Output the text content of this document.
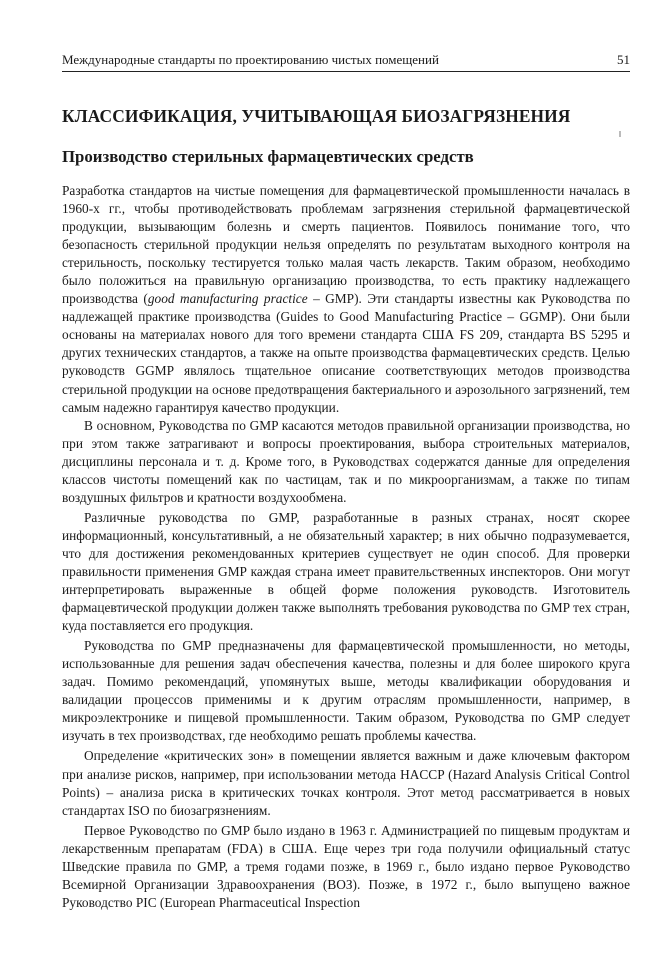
Международные стандарты по проектированию чистых помещений	51
КЛАССИФИКАЦИЯ, УЧИТЫВАЮЩАЯ БИОЗАГРЯЗНЕНИЯ
Производство стерильных фармацевтических средств

Разработка стандартов на чистые помещения для фармацевтической промышленности началась в 1960-х гг., чтобы противодействовать проблемам загрязнения стерильной фармацевтической продукции, вызывающим болезнь и смерть пациентов. Появилось понимание того, что безопасность стерильной продукции нельзя определять по результатам выходного контроля на стерильность, поскольку тестируется только малая часть лекарств. Таким образом, необходимо было положиться на правильную организацию производства, то есть практику надлежащего производства (good manufacturing practice – GMP). Эти стандарты известны как Руководства по надлежащей практике производства (Guides to Good Manufacturing Practice – GGMP). Они были основаны на материалах нового для того времени стандарта США FS 209, стандарта BS 5295 и других технических стандартов, а также на опыте производства фармацевтических средств. Целью руководств GGMP являлось тщательное описание соответствующих методов производства стерильной продукции на основе предотвращения бактериального и аэрозольного загрязнений, тем самым надежно гарантируя качество продукции.

В основном, Руководства по GMP касаются методов правильной организации производства, но при этом также затрагивают и вопросы проектирования, выбора строительных материалов, дисциплины персонала и т. д. Кроме того, в Руководствах содержатся данные для определения классов чистоты помещений как по частицам, так и по микроорганизмам, а также по типам воздушных фильтров и кратности воздухообмена.

Различные руководства по GMP, разработанные в разных странах, носят скорее информационный, консультативный, а не обязательный характер; в них обычно подразумевается, что для достижения рекомендованных критериев существует не один способ. Для проверки правильности применения GMP каждая страна имеет правительственных инспекторов. Они могут интерпретировать выраженные в общей форме положения руководств. Изготовитель фармацевтической продукции должен также выполнять требования руководства по GMP тех стран, куда поставляется его продукция.

Руководства по GMP предназначены для фармацевтической промышленности, но методы, использованные для решения задач обеспечения качества, полезны и для более широкого круга задач. Помимо рекомендаций, упомянутых выше, методы квалификации оборудования и валидации процессов применимы и к другим отраслям промышленности, например, в микроэлектронике и пищевой промышленности. Таким образом, Руководства по GMP следует изучать в тех производствах, где необходимо решать проблемы качества.

Определение «критических зон» в помещении является важным и даже ключевым фактором при анализе рисков, например, при использовании метода HACCP (Hazard Analysis Critical Control Points) – анализа риска в критических точках контроля. Этот метод рассматривается в новых стандартах ISO по биозагрязнениям.

Первое Руководство по GMP было издано в 1963 г. Администрацией по пищевым продуктам и лекарственным препаратам (FDA) в США. Еще через три года получили официальный статус Шведские правила по GMP, а тремя годами позже, в 1969 г., было издано первое Руководство Всемирной Организации Здравоохранения (ВОЗ). Позже, в 1972 г., было выпущено важное Руководство PIC (European Pharmaceutical Inspection
